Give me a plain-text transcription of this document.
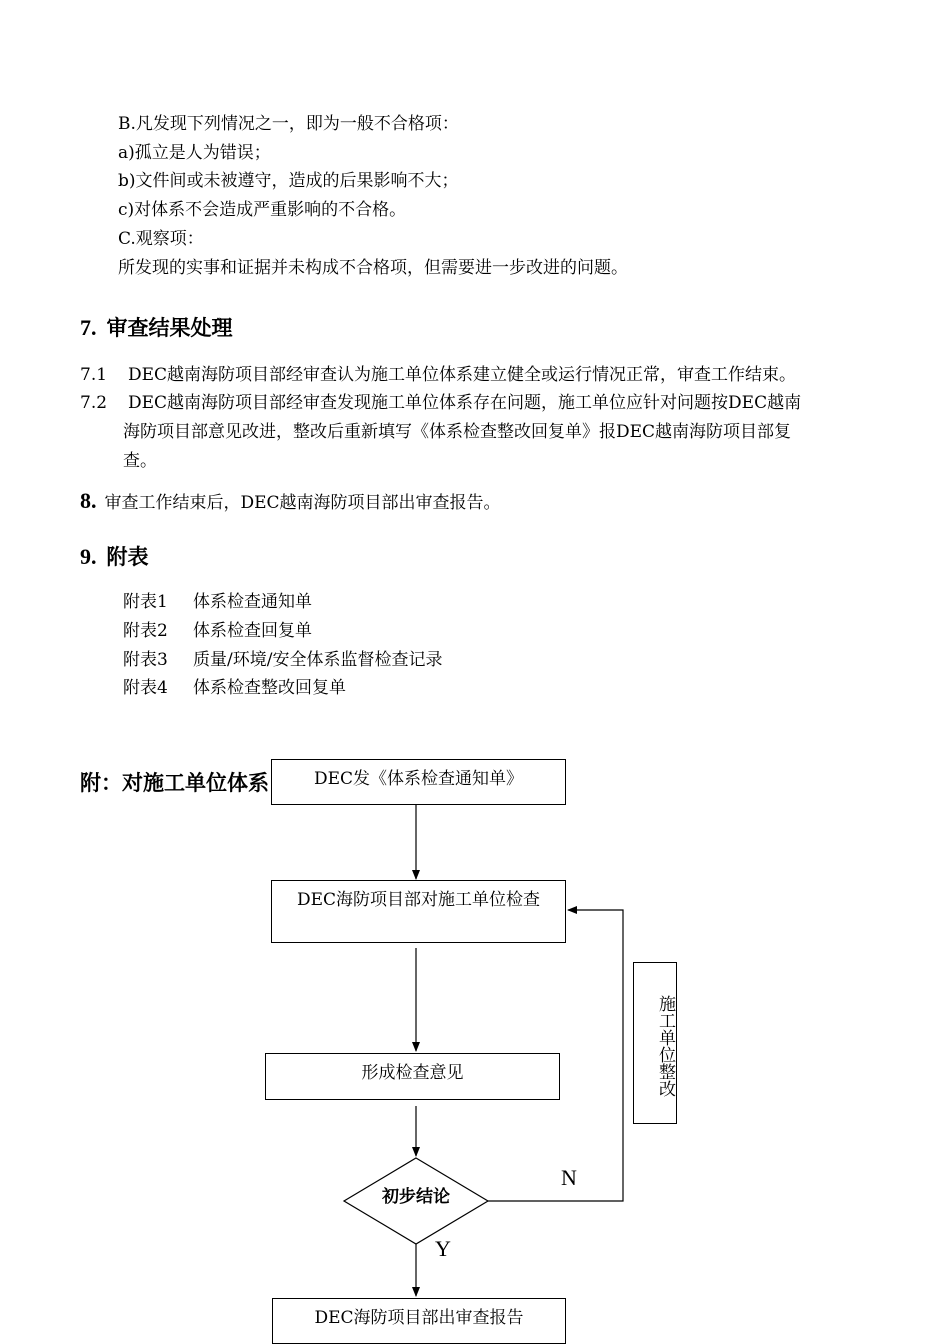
B.凡发现下列情况之一，即为一般不合格项：
a)孤立是人为错误；
b)文件间或未被遵守，造成的后果影响不大；
c)对体系不会造成严重影响的不合格。
C.观察项：
所发现的实事和证据并未构成不合格项，但需要进一步改进的问题。
7. 审查结果处理
7.1 DEC越南海防项目部经审查认为施工单位体系建立健全或运行情况正常，审查工作结束。
7.2 DEC越南海防项目部经审查发现施工单位体系存在问题，施工单位应针对问题按DEC越南
海防项目部意见改进，整改后重新填写《体系检查整改回复单》报DEC越南海防项目部复
查。
8. 审查工作结束后，DEC越南海防项目部出审查报告。
9. 附表
附表1 体系检查通知单
附表2 体系检查回复单
附表3 质量/环境/安全体系监督检查记录
附表4 体系检查整改回复单
附：对施工单位体系	DEC发《体系检查通知单》
DEC海防项目部对施工单位检查
形成检查意见
初步结论
施工单位整改
N
Y
DEC海防项目部出审查报告
